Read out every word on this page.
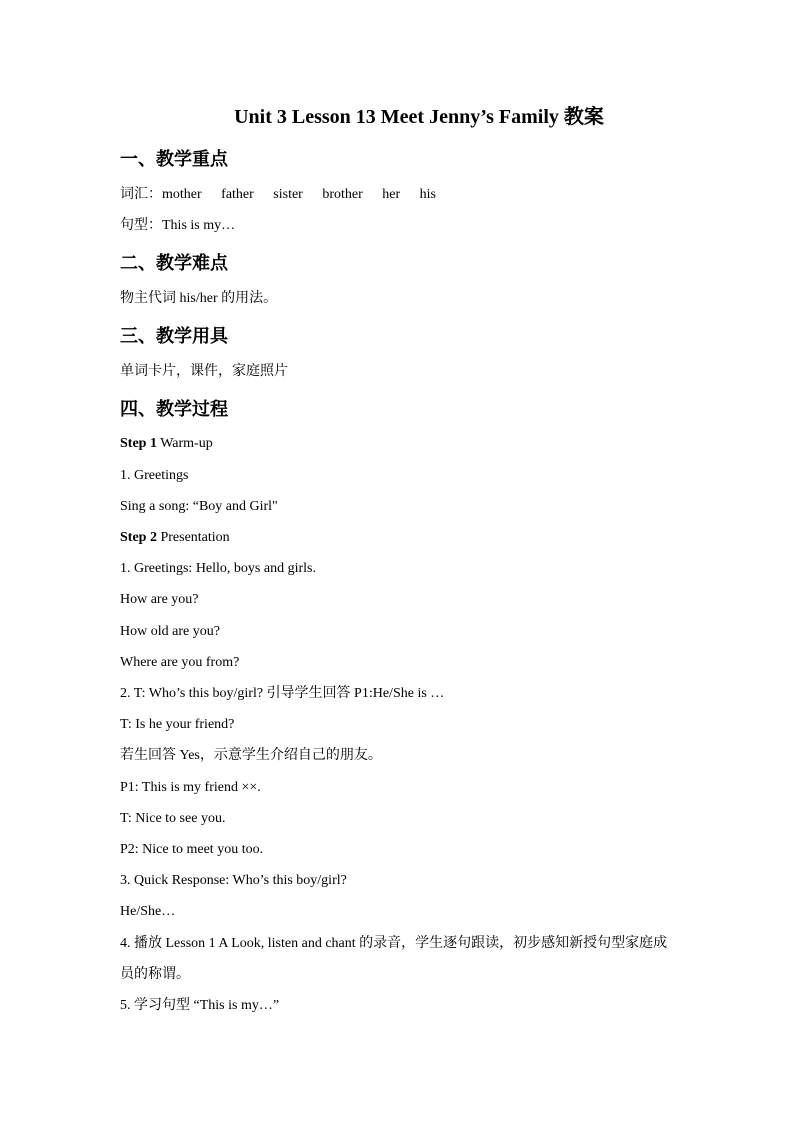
Unit 3 Lesson 13 Meet Jenny’s Family 教案
一、教学重点
词汇：mother father sister brother her his
句型：This is my…
二、教学难点
物主代词 his/her 的用法。
三、教学用具
单词卡片，课件，家庭照片
四、教学过程
Step 1 Warm-up
1. Greetings
Sing a song: “Boy and Girl"
Step 2 Presentation
1. Greetings: Hello, boys and girls.
How are you?
How old are you?
Where are you from?
2. T: Who’s this boy/girl? 引导学生回答 P1:He/She is …
T: Is he your friend?
若生回答 Yes，示意学生介绍自己的朋友。
P1: This is my friend ××.
T: Nice to see you.
P2: Nice to meet you too.
3. Quick Response: Who’s this boy/girl?
He/She…
4. 播放 Lesson 1 A Look, listen and chant 的录音，学生逐句跟读，初步感知新授句型家庭成
员的称谓。
5. 学习句型 “This is my…”
